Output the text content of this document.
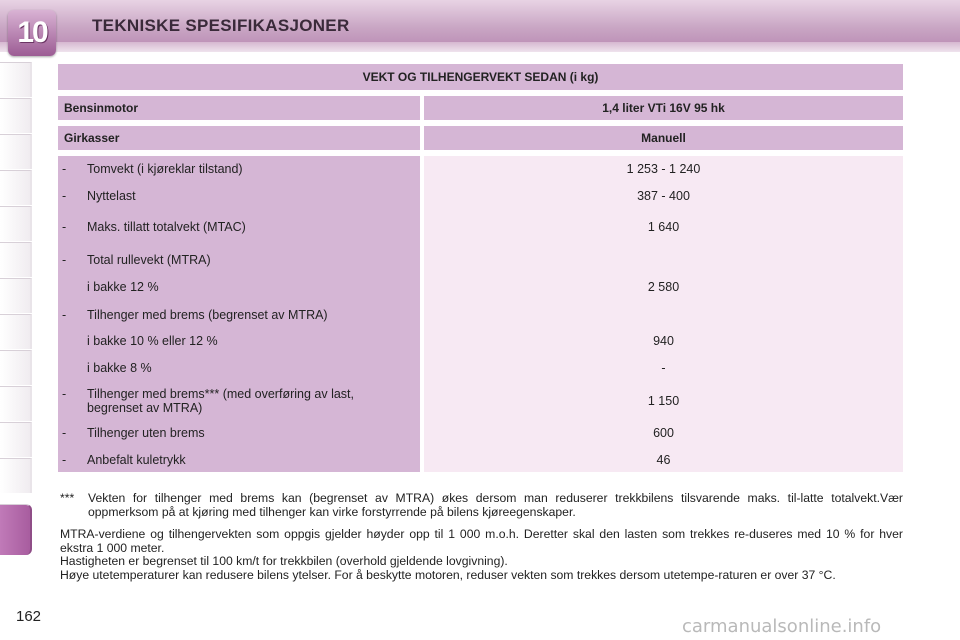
10	TEKNISKE SPESIFIKASJONER
VEKT OG TILHENGERVEKT SEDAN (i kg)
Bensinmotor	1,4 liter VTi 16V 95 hk
Girkasser	Manuell
- Tomvekt (i kjøreklar tilstand)	1 253 - 1 240
- Nyttelast	387 - 400
- Maks. tillatt totalvekt (MTAC)	1 640
- Total rullevekt (MTRA)
i bakke 12 %	2 580
- Tilhenger med brems (begrenset av MTRA)
i bakke 10 % eller 12 %	940
i bakke 8 %	-
- Tilhenger med brems*** (med overføring av last, begrenset av MTRA)	1 150
- Tilhenger uten brems	600
- Anbefalt kuletrykk	46
*** Vekten for tilhenger med brems kan (begrenset av MTRA) økes dersom man reduserer trekkbilens tilsvarende maks. til-latte totalvekt.Vær oppmerksom på at kjøring med tilhenger kan virke forstyrrende på bilens kjøreegenskaper.

MTRA-verdiene og tilhengervekten som oppgis gjelder høyder opp til 1 000 m.o.h. Deretter skal den lasten som trekkes re-duseres med 10 % for hver ekstra 1 000 meter.

Hastigheten er begrenset til 100 km/t for trekkbilen (overhold gjeldende lovgivning).

Høye utetemperaturer kan redusere bilens ytelser. For å beskytte motoren, reduser vekten som trekkes dersom utetempe-raturen er over 37 °C.

162	carmanualsonline.info
